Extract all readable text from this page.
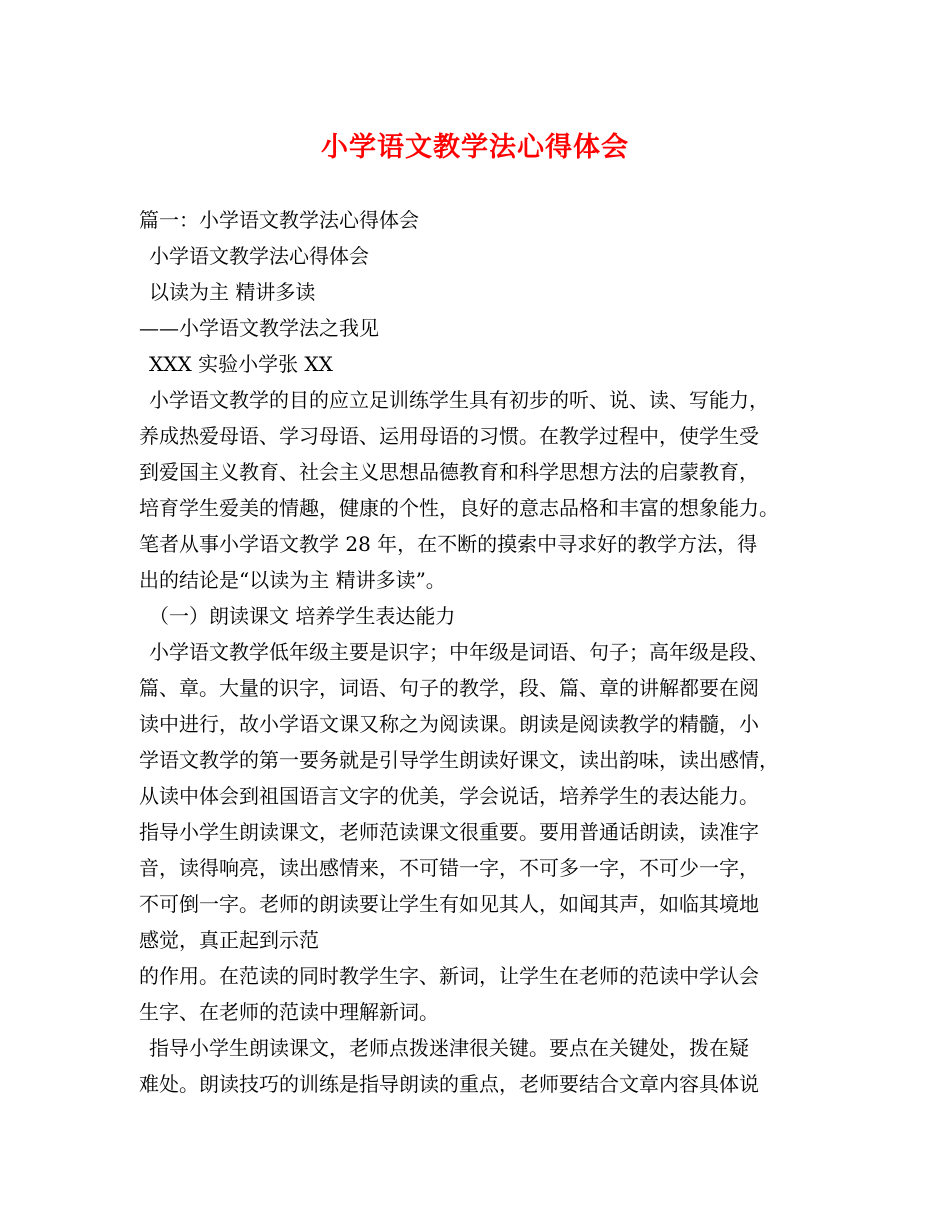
小学语文教学法心得体会

篇一：小学语文教学法心得体会

小学语文教学法心得体会

以读为主 精讲多读

——小学语文教学法之我见

XXX 实验小学张 XX

小学语文教学的目的应立足训练学生具有初步的听、说、读、写能力，

养成热爱母语、学习母语、运用母语的习惯。在教学过程中，使学生受

到爱国主义教育、社会主义思想品德教育和科学思想方法的启蒙教育，

培育学生爱美的情趣，健康的个性，良好的意志品格和丰富的想象能力。

笔者从事小学语文教学 28 年，在不断的摸索中寻求好的教学方法，得

出的结论是“以读为主 精讲多读”。

（一）朗读课文 培养学生表达能力

小学语文教学低年级主要是识字；中年级是词语、句子；高年级是段、

篇、章。大量的识字，词语、句子的教学，段、篇、章的讲解都要在阅

读中进行，故小学语文课又称之为阅读课。朗读是阅读教学的精髓，小

学语文教学的第一要务就是引导学生朗读好课文，读出韵味，读出感情，

从读中体会到祖国语言文字的优美，学会说话，培养学生的表达能力。

指导小学生朗读课文，老师范读课文很重要。要用普通话朗读，读准字

音，读得响亮，读出感情来，不可错一字，不可多一字，不可少一字，

不可倒一字。老师的朗读要让学生有如见其人，如闻其声，如临其境地

感觉，真正起到示范

的作用。在范读的同时教学生字、新词，让学生在老师的范读中学认会

生字、在老师的范读中理解新词。

指导小学生朗读课文，老师点拨迷津很关键。要点在关键处，拨在疑

难处。朗读技巧的训练是指导朗读的重点，老师要结合文章内容具体说
